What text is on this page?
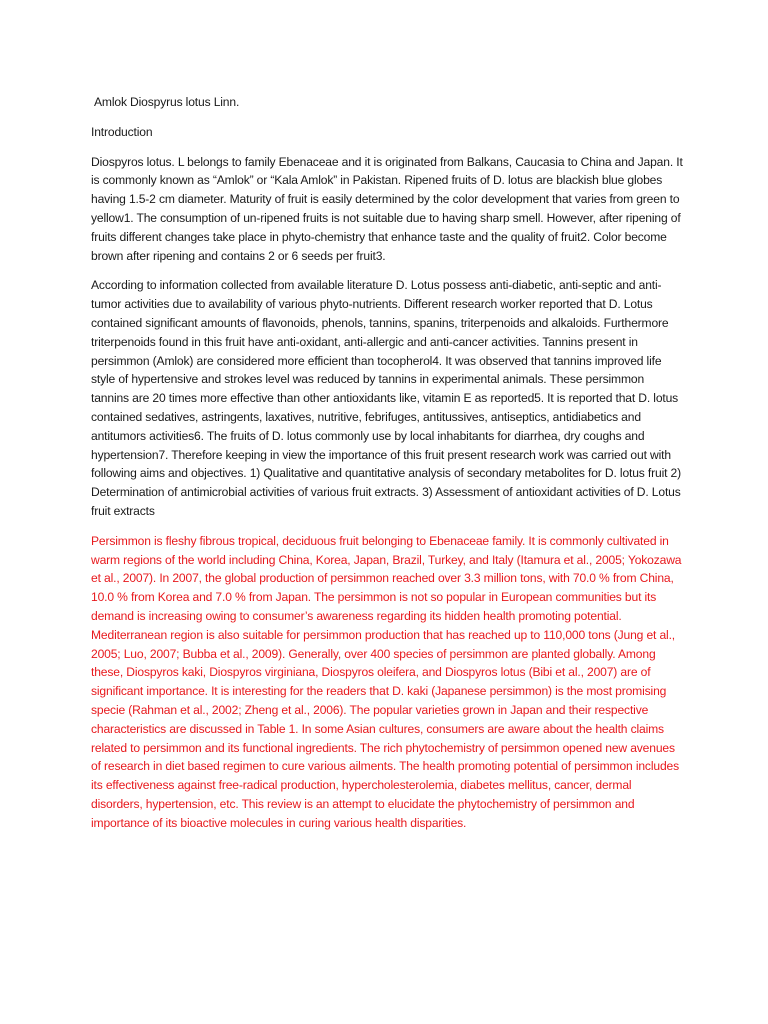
Amlok Diospyrus lotus Linn.
Introduction

Diospyros lotus. L belongs to family Ebenaceae and it is originated from Balkans, Caucasia to China and Japan. It is commonly known as “Amlok” or “Kala Amlok” in Pakistan. Ripened fruits of D. lotus are blackish blue globes having 1.5-2 cm diameter. Maturity of fruit is easily determined by the color development that varies from green to yellow1. The consumption of un-ripened fruits is not suitable due to having sharp smell. However, after ripening of fruits different changes take place in phyto-chemistry that enhance taste and the quality of fruit2. Color become brown after ripening and contains 2 or 6 seeds per fruit3.

According to information collected from available literature D. Lotus possess anti-diabetic, anti-septic and anti-tumor activities due to availability of various phyto-nutrients. Different research worker reported that D. Lotus contained significant amounts of flavonoids, phenols, tannins, spanins, triterpenoids and alkaloids. Furthermore triterpenoids found in this fruit have anti-oxidant, anti-allergic and anti-cancer activities. Tannins present in persimmon (Amlok) are considered more efficient than tocopherol4. It was observed that tannins improved life style of hypertensive and strokes level was reduced by tannins in experimental animals. These persimmon tannins are 20 times more effective than other antioxidants like, vitamin E as reported5. It is reported that D. lotus contained sedatives, astringents, laxatives, nutritive, febrifuges, antitussives, antiseptics, antidiabetics and antitumors activities6. The fruits of D. lotus commonly use by local inhabitants for diarrhea, dry coughs and hypertension7. Therefore keeping in view the importance of this fruit present research work was carried out with following aims and objectives. 1) Qualitative and quantitative analysis of secondary metabolites for D. lotus fruit 2) Determination of antimicrobial activities of various fruit extracts. 3) Assessment of antioxidant activities of D. Lotus fruit extracts

Persimmon is fleshy fibrous tropical, deciduous fruit belonging to Ebenaceae family. It is commonly cultivated in warm regions of the world including China, Korea, Japan, Brazil, Turkey, and Italy (Itamura et al., 2005; Yokozawa et al., 2007). In 2007, the global production of persimmon reached over 3.3 million tons, with 70.0 % from China, 10.0 % from Korea and 7.0 % from Japan. The persimmon is not so popular in European communities but its demand is increasing owing to consumer’s awareness regarding its hidden health promoting potential. Mediterranean region is also suitable for persimmon production that has reached up to 110,000 tons (Jung et al., 2005; Luo, 2007; Bubba et al., 2009). Generally, over 400 species of persimmon are planted globally. Among these, Diospyros kaki, Diospyros virginiana, Diospyros oleifera, and Diospyros lotus (Bibi et al., 2007) are of significant importance. It is interesting for the readers that D. kaki (Japanese persimmon) is the most promising specie (Rahman et al., 2002; Zheng et al., 2006). The popular varieties grown in Japan and their respective characteristics are discussed in Table 1. In some Asian cultures, consumers are aware about the health claims related to persimmon and its functional ingredients. The rich phytochemistry of persimmon opened new avenues of research in diet based regimen to cure various ailments. The health promoting potential of persimmon includes its effectiveness against free-radical production, hypercholesterolemia, diabetes mellitus, cancer, dermal disorders, hypertension, etc. This review is an attempt to elucidate the phytochemistry of persimmon and importance of its bioactive molecules in curing various health disparities.
